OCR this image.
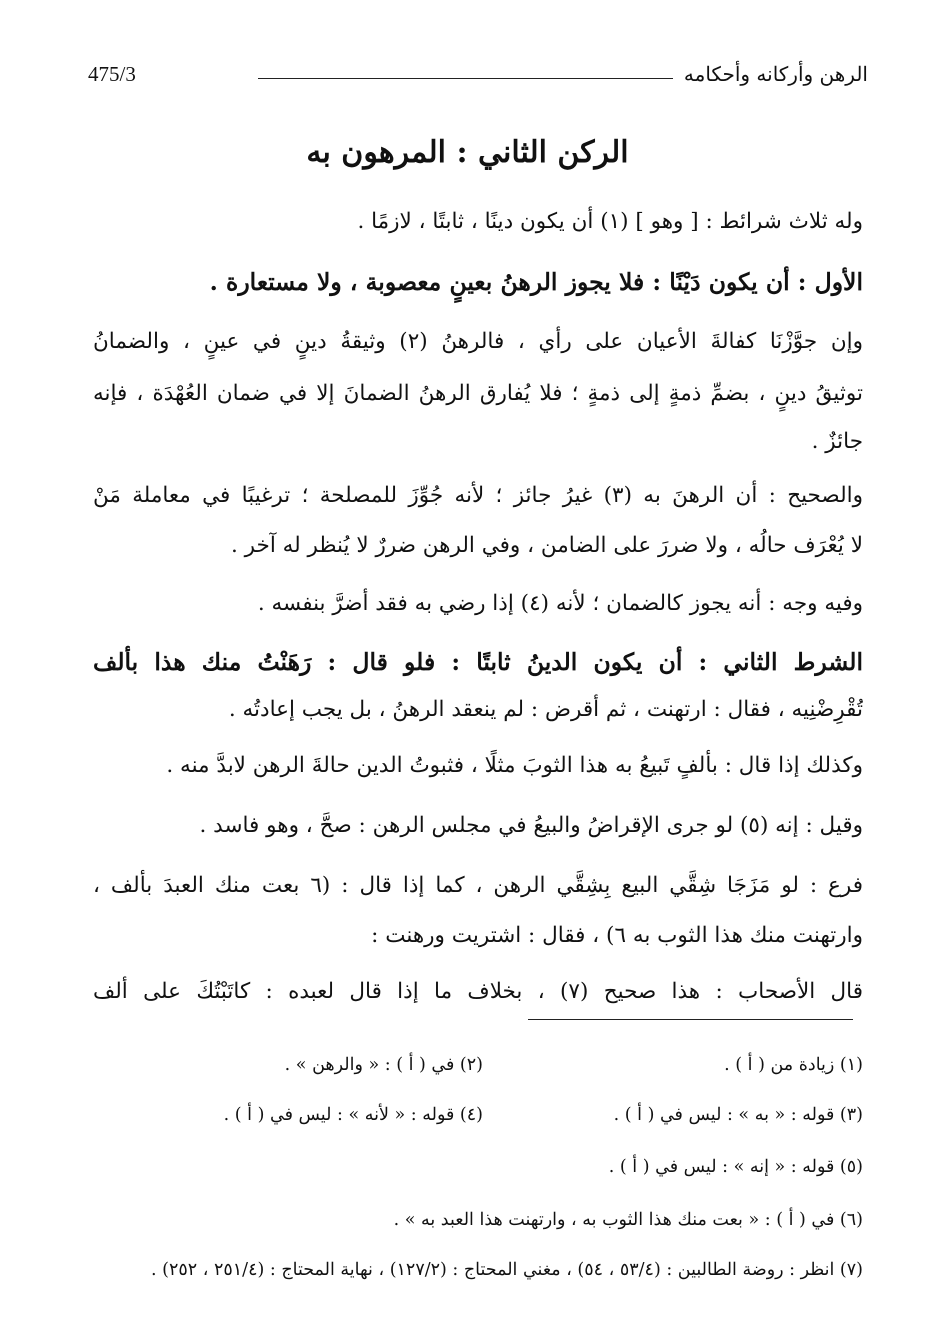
475/3	الرهن وأركانه وأحكامه
الركن الثاني : المرهون به
وله ثلاث شرائط : [ وهو ] (١) أن يكون دينًا ، ثابتًا ، لازمًا .
الأول : أن يكون دَيْنًا : فلا يجوز الرهنُ بعينٍ معصوبة ، ولا مستعارة .
وإن جوَّزْنَا كفالةَ الأعيان على رأي ، فالرهنُ (٢) وثيقةُ دينٍ في عينٍ ، والضمانُ
توثيقُ دينٍ ، بضمِّ ذمةٍ إلى ذمةٍ ؛ فلا يُفارق الرهنُ الضمانَ إلا في ضمان العُهْدَة ، فإنه
جائزٌ .
والصحيح : أن الرهنَ به (٣) غيرُ جائز ؛ لأنه جُوِّزَ للمصلحة ؛ ترغيبًا في معاملة مَنْ
لا يُعْرَف حالُه ، ولا ضررَ على الضامن ، وفي الرهن ضررٌ لا يُنظر له آخر .
وفيه وجه : أنه يجوز كالضمان ؛ لأنه (٤) إذا رضي به فقد أضرَّ بنفسه .
الشرط الثاني : أن يكون الدينُ ثابتًا : فلو قال : رَهَنْتُ منك هذا بألف
تُقْرِضْنِيه ، فقال : ارتهنت ، ثم أقرض : لم ينعقد الرهنُ ، بل يجب إعادتُه .
وكذلك إذا قال : بألفٍ تَبيعُ به هذا الثوبَ مثلًا ، فثبوتُ الدين حالةَ الرهن لابدَّ منه .
وقيل : إنه (٥) لو جرى الإقراضُ والبيعُ في مجلس الرهن : صحَّ ، وهو فاسد .
فرع : لو مَزَجَا شِقَّي البيع بِشِقَّي الرهن ، كما إذا قال : (٦ بعت منك العبدَ بألف ،
وارتهنت منك هذا الثوب به ٦) ، فقال : اشتريت ورهنت :
قال الأصحاب : هذا صحيح (٧) ، بخلاف ما إذا قال لعبده : كاتَبْتُكَ على ألف
(١) زيادة من ( أ ) .
(٢) في ( أ ) : « والرهن » .
(٣) قوله : « به » : ليس في ( أ ) .
(٤) قوله : « لأنه » : ليس في ( أ ) .
(٥) قوله : « إنه » : ليس في ( أ ) .
(٦) في ( أ ) : « بعت منك هذا الثوب به ، وارتهنت هذا العبد به » .
(٧) انظر : روضة الطالبين : (٥٣/٤ ، ٥٤) ، مغني المحتاج : (١٢٧/٢) ، نهاية المحتاج : (٢٥١/٤ ، ٢٥٢) .
